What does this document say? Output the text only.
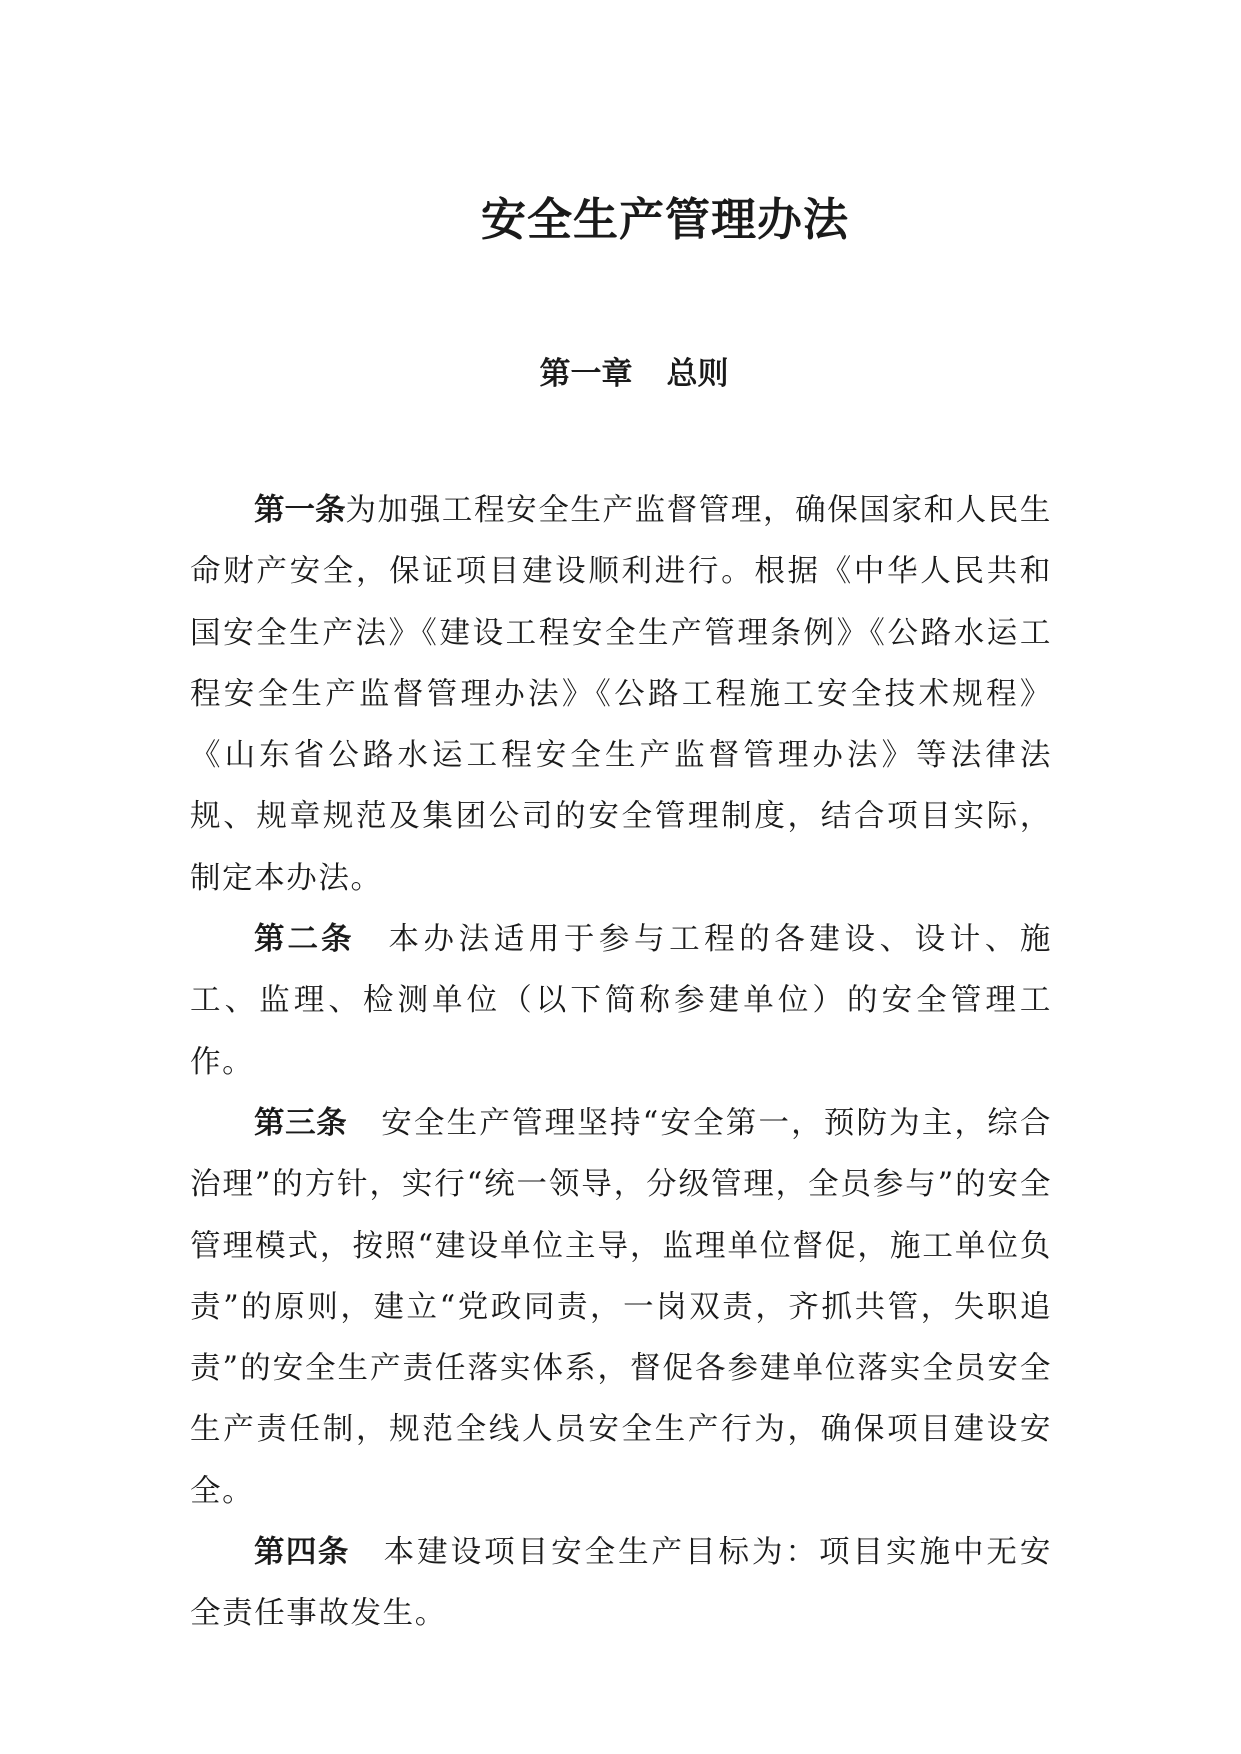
安全生产管理办法
第一章 总则

第一条为加强工程安全生产监督管理，确保国家和人民生命财产安全，保证项目建设顺利进行。根据《中华人民共和国安全生产法》《建设工程安全生产管理条例》《公路水运工程安全生产监督管理办法》《公路工程施工安全技术规程》《山东省公路水运工程安全生产监督管理办法》等法律法规、规章规范及集团公司的安全管理制度，结合项目实际，制定本办法。

第二条 本办法适用于参与工程的各建设、设计、施工、监理、检测单位（以下简称参建单位）的安全管理工作。

第三条 安全生产管理坚持“安全第一，预防为主，综合治理”的方针，实行“统一领导，分级管理，全员参与”的安全管理模式，按照“建设单位主导，监理单位督促，施工单位负责”的原则，建立“党政同责，一岗双责，齐抓共管，失职追责”的安全生产责任落实体系，督促各参建单位落实全员安全生产责任制，规范全线人员安全生产行为，确保项目建设安全。

第四条 本建设项目安全生产目标为：项目实施中无安全责任事故发生。
